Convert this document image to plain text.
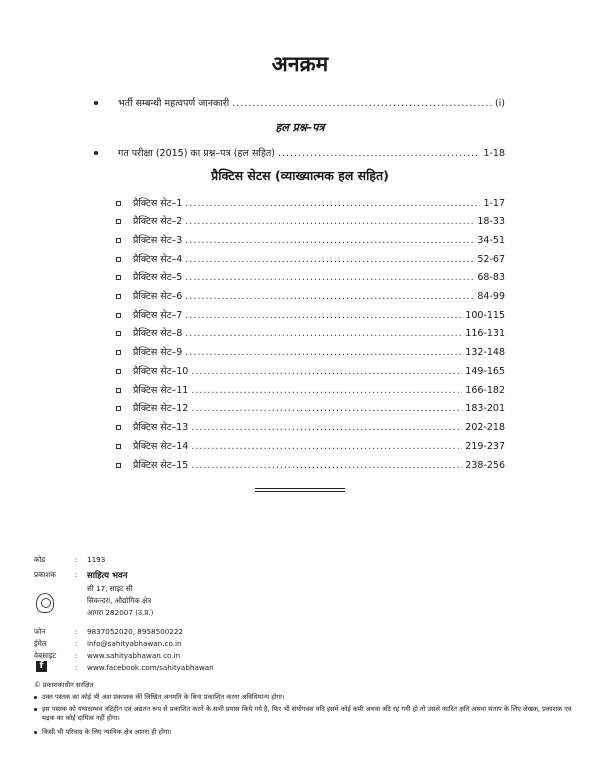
अनक्रम
भर्ती सम्बन्धी महत्वपर्ण जानकारी .....	(i)
हल प्रश्न–पत्र
गत परीक्षा (2015) का प्रश्न–पत्र (हल सहित) .....	1-18
प्रैक्टिस सेटस (व्याख्यात्मक हल सहित)
प्रैक्टिस सेट–1 .....	1-17
प्रैक्टिस सेट–2 .....	18-33
प्रैक्टिस सेट–3 .....	34-51
प्रैक्टिस सेट–4 .....	52-67
प्रैक्टिस सेट–5 .....	68-83
प्रैक्टिस सेट–6 .....	84-99
प्रैक्टिस सेट–7 .....	100-115
प्रैक्टिस सेट–8 .....	116-131
प्रैक्टिस सेट–9 .....	132-148
प्रैक्टिस सेट–10 .....	149-165
प्रैक्टिस सेट–11 .....	166-182
प्रैक्टिस सेट–12 .....	183-201
प्रैक्टिस सेट–13 .....	202-218
प्रैक्टिस सेट–14 .....	219-237
प्रैक्टिस सेट–15 .....	238-256
कोड	: 1193
प्रकाशक	: साहित्य भवन
सी 17, साइट सी
सिकन्दरा, औद्योगिक क्षेत्र
आगरा 282007 (उ.प्र.)
फोन	: 9837052020, 8958500222
ईमेल	: info@sahityabhawan.co.in
वेबसाइट	: www.sahityabhawan.co.in
f	: www.facebook.com/sahityabhawan
© प्रकाशकाधीन सरक्षित
उक्त पस्तक का कोई भी अंश प्रकाशक की लिखित अनमति के बिना प्रकाशित करना अविधिमान्य होगा।
इस पस्तक को यथासम्भव त्रटिहीन एवं अद्यतन रूप से प्रकाशित करने के सभी प्रयास किये गये है, फिर भी संयोगवश यदि इसमें कोई कमी अथवा त्रटि रह गयी हो तो उससे कारित क्षति अथवा संताप के लिए लेखक, प्रकाशक एवं मद्रक का कोई दायित्व नहीं होगा।
किसी भी परिवाद के लिए न्यायिक क्षेत्र आगरा ही होगा।
